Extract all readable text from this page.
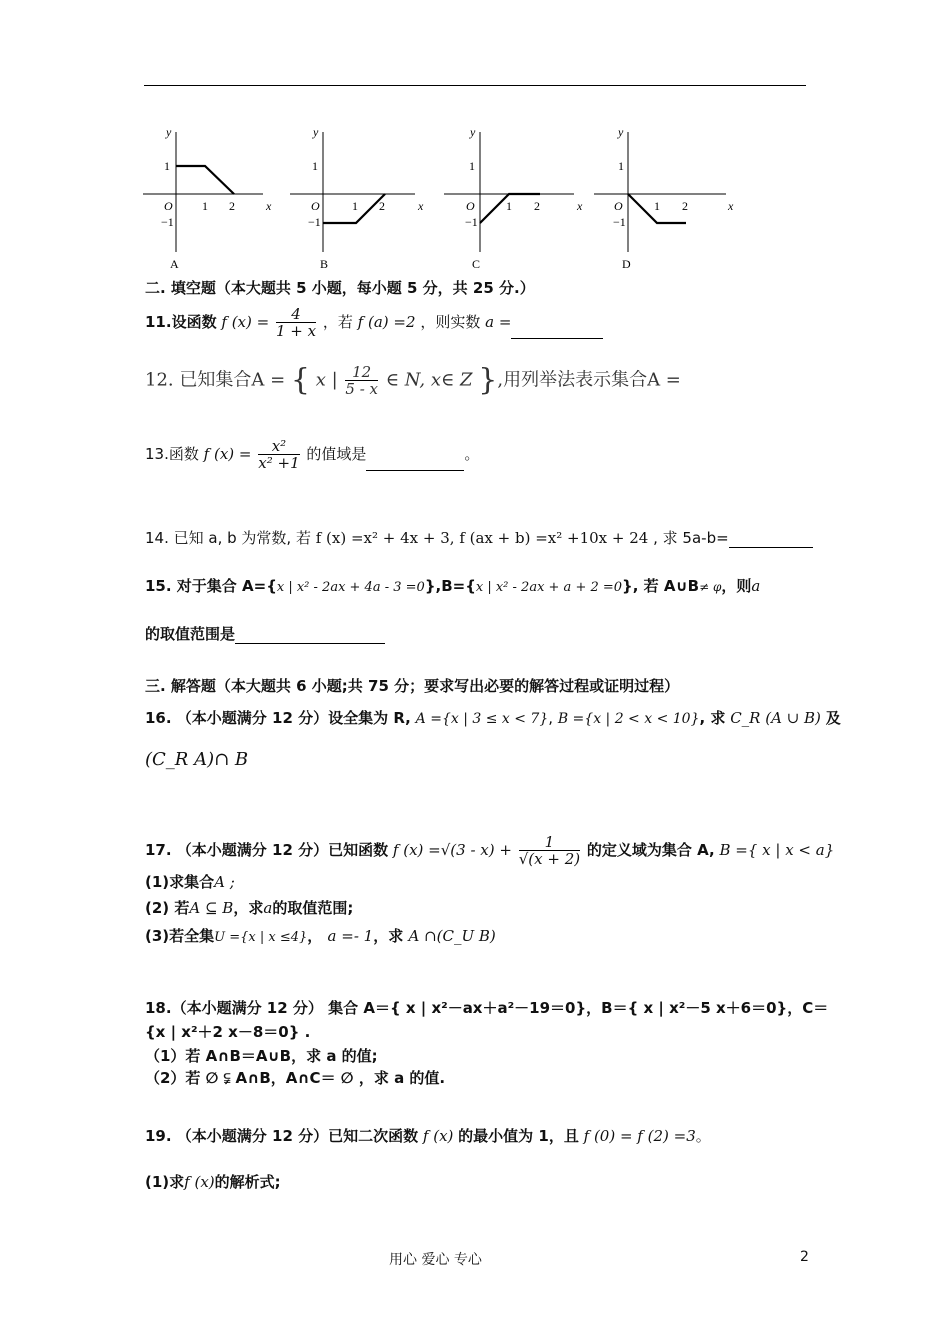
x
y
O
1
−1
1 2
A
x
y
O
1
−1
1 2
B
x
y
O
1
−1
1 2
C
x
y
O
1
−1
1 2
D
二. 填空题（本大题共 5 小题，每小题 5 分，共 25 分.）
11.设函数 f $(x) = \frac{4}{1 + x}$ ，若 f (a) =2 ，则实数 a =
12. 已知集合A = { x | $\frac{12}{5 - x}$ ∈ N, x∈ Z },用列举法表示集合A =
13.函数 f $(x) = \frac{\text{x²}}{\text{x² +1}}$ 的值域是	。
14. 已知 a, b 为常数, 若 f (x) =x² + 4x + 3, f (ax + b) =x² +10x + 24 , 求 5a-b=
15. 对于集合 A={x | x² - 2ax + 4a - 3 =0},B={x | x² - 2ax + a + 2 =0}, 若 A∪B≠ φ，则a
的取值范围是
三. 解答题（本大题共 6 小题;共 75 分；要求写出必要的解答过程或证明过程）
16. （本小题满分 12 分）设全集为 R, A ={x | 3 ≤ x < 7}, B ={x | 2 < x < 10}, 求 C_R (A ∪ B) 及
(C_R A)∩ B
17. （本小题满分 12 分）已知函数 f $(x) =√(3 - x) + \frac{1}{√(x + 2)}$ 的定义域为集合 A, B ={ x | x < a}
(1)求集合A ;
(2) 若A ⊆ B，求a的取值范围;
(3)若全集U ={x | x ≤4}， a =- 1，求 A ∩(C_U B)
18.（本小题满分 12 分） 集合 A＝{ x | x²－ax＋a²－19＝0}，B＝{ x | x²－5 x＋6＝0}，C＝
{x | x²＋2 x－8＝0} .
（1）若 A∩B＝A∪B，求 a 的值;
（2）若 ∅ ⫋ A∩B，A∩C＝ ∅ ，求 a 的值.
19. （本小题满分 12 分）已知二次函数 f (x) 的最小值为 1，且 f (0) = f (2) =3。
(1)求f (x)的解析式;
用心 爱心 专心	2
